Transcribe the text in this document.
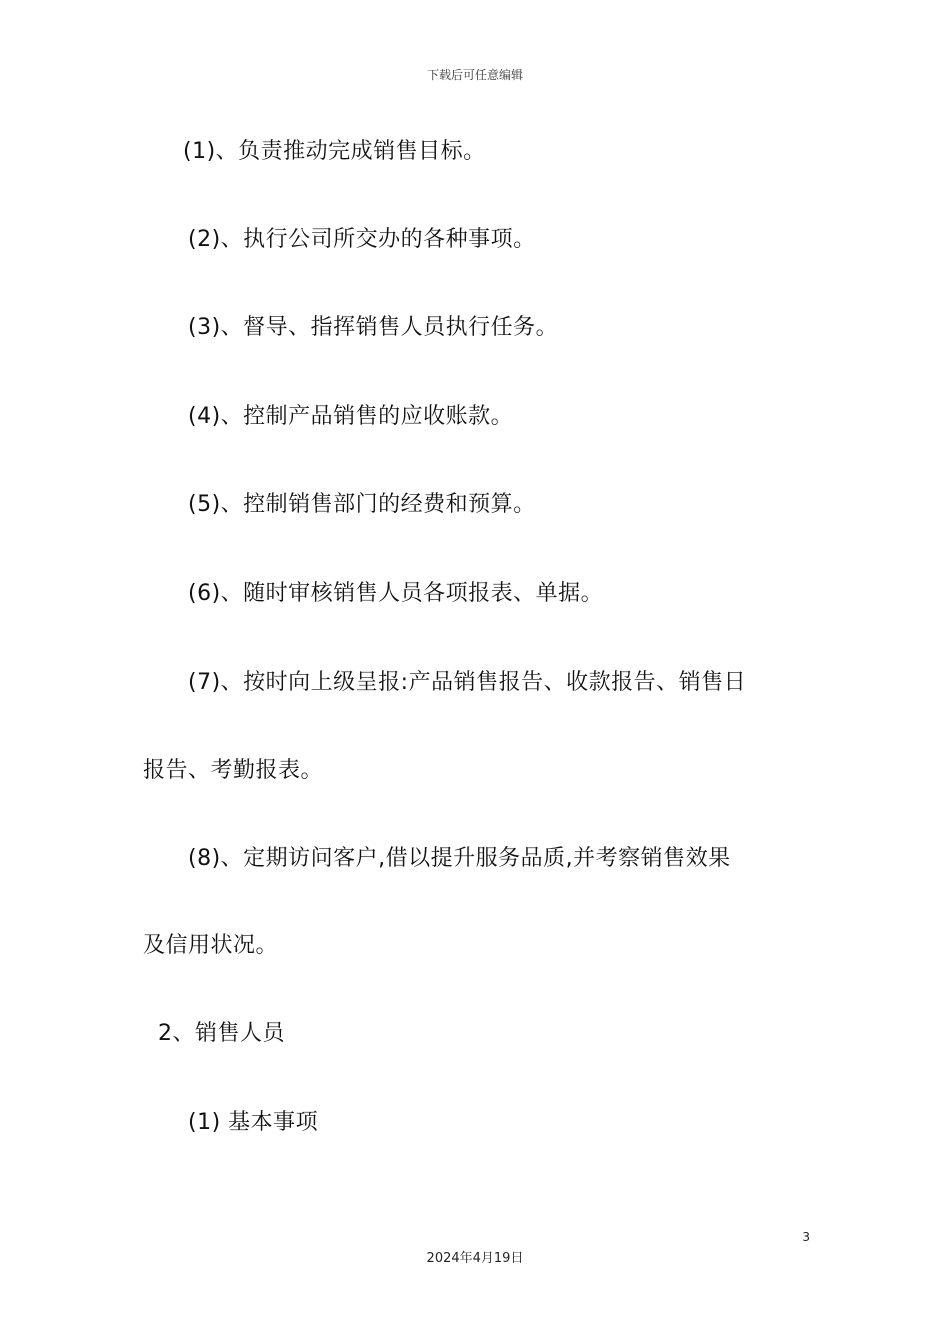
下载后可任意编辑
(1)、负责推动完成销售目标。
(2)、执行公司所交办的各种事项。
(3)、督导、指挥销售人员执行任务。
(4)、控制产品销售的应收账款。
(5)、控制销售部门的经费和预算。
(6)、随时审核销售人员各项报表、单据。
(7)、按时向上级呈报:产品销售报告、收款报告、销售日
报告、考勤报表。
(8)、定期访问客户,借以提升服务品质,并考察销售效果
及信用状况。
2、销售人员
(1) 基本事项
3
2024年4月19日
